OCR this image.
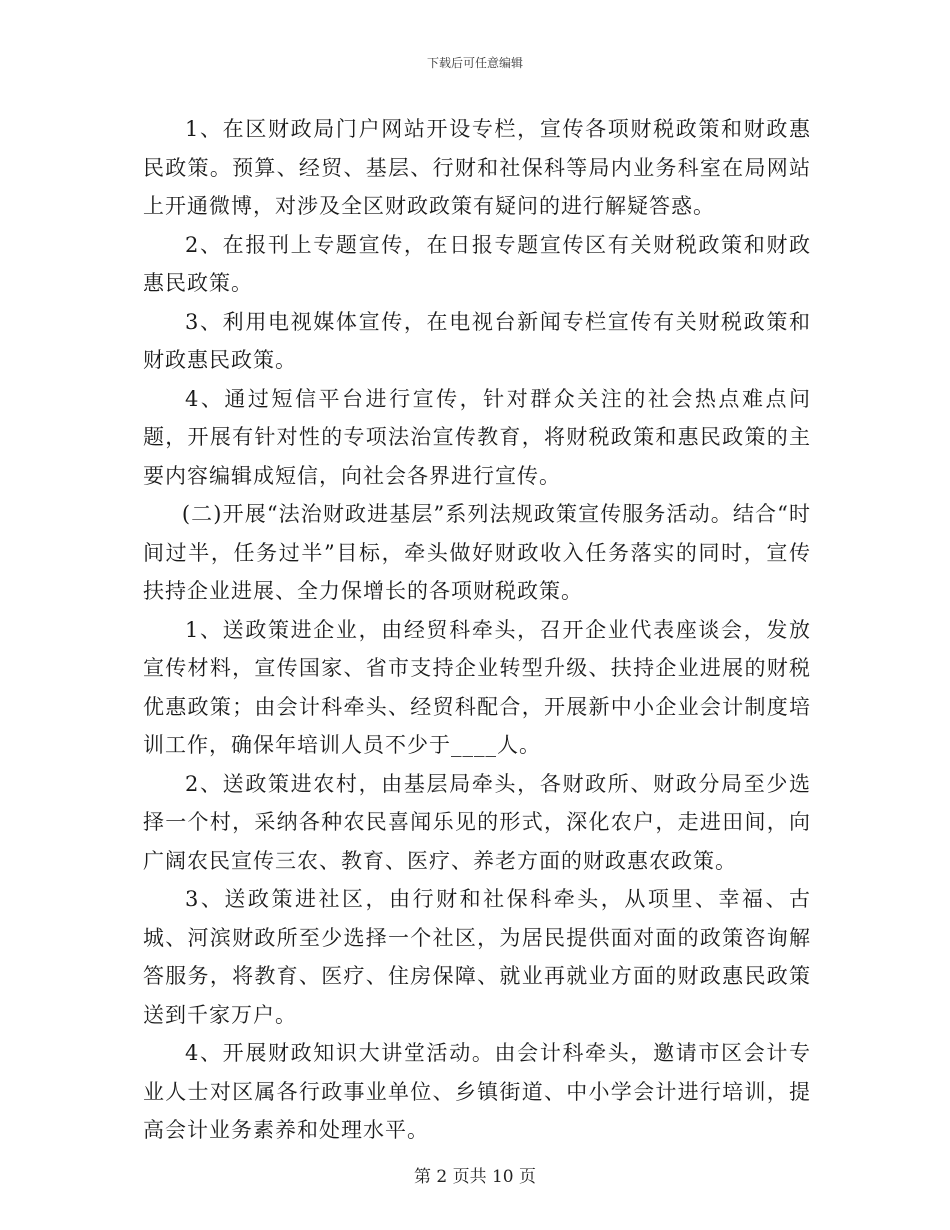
下载后可任意编辑

1、在区财政局门户网站开设专栏，宣传各项财税政策和财政惠民政策。预算、经贸、基层、行财和社保科等局内业务科室在局网站上开通微博，对涉及全区财政政策有疑问的进行解疑答惑。

2、在报刊上专题宣传，在日报专题宣传区有关财税政策和财政惠民政策。

3、利用电视媒体宣传，在电视台新闻专栏宣传有关财税政策和财政惠民政策。

4、通过短信平台进行宣传，针对群众关注的社会热点难点问题，开展有针对性的专项法治宣传教育，将财税政策和惠民政策的主要内容编辑成短信，向社会各界进行宣传。

(二)开展“法治财政进基层”系列法规政策宣传服务活动。结合“时间过半，任务过半”目标，牵头做好财政收入任务落实的同时，宣传扶持企业进展、全力保增长的各项财税政策。

1、送政策进企业，由经贸科牵头，召开企业代表座谈会，发放宣传材料，宣传国家、省市支持企业转型升级、扶持企业进展的财税优惠政策；由会计科牵头、经贸科配合，开展新中小企业会计制度培训工作，确保年培训人员不少于____人。

2、送政策进农村，由基层局牵头，各财政所、财政分局至少选择一个村，采纳各种农民喜闻乐见的形式，深化农户，走进田间，向广阔农民宣传三农、教育、医疗、养老方面的财政惠农政策。

3、送政策进社区，由行财和社保科牵头，从项里、幸福、古城、河滨财政所至少选择一个社区，为居民提供面对面的政策咨询解答服务，将教育、医疗、住房保障、就业再就业方面的财政惠民政策送到千家万户。

4、开展财政知识大讲堂活动。由会计科牵头，邀请市区会计专业人士对区属各行政事业单位、乡镇街道、中小学会计进行培训，提高会计业务素养和处理水平。

第 2 页共 10 页
